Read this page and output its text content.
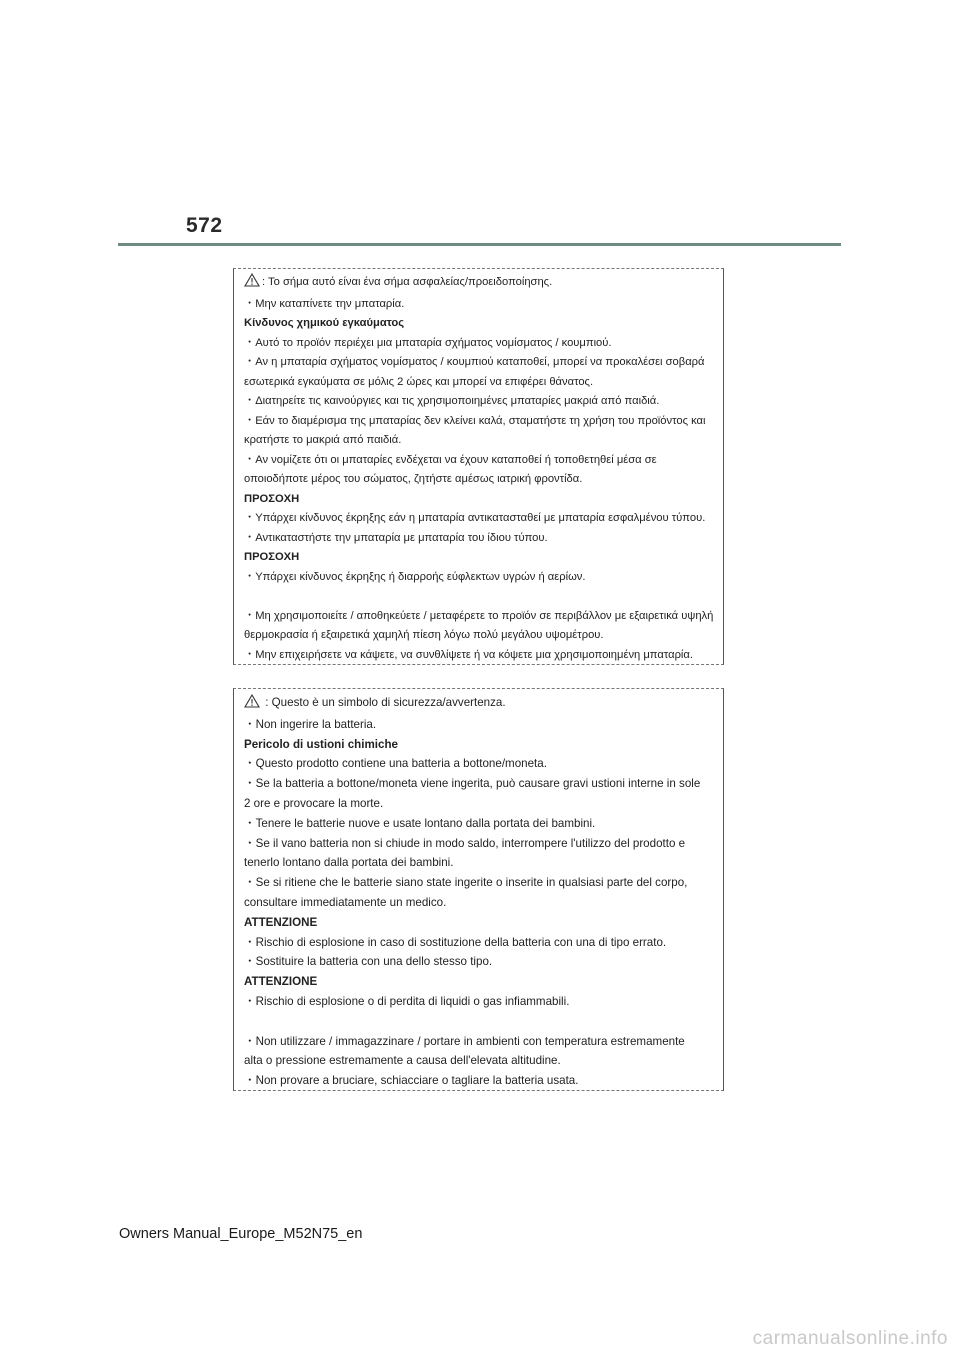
572
: Το σήμα αυτό είναι ένα σήμα ασφαλείας/προειδοποίησης.
・Μην καταπίνετε την μπαταρία.
Κίνδυνος χημικού εγκαύματος
・Αυτό το προϊόν περιέχει μια μπαταρία σχήματος νομίσματος / κουμπιού.
・Αν η μπαταρία σχήματος νομίσματος / κουμπιού καταποθεί, μπορεί να προκαλέσει σοβαρά
εσωτερικά εγκαύματα σε μόλις 2 ώρες και μπορεί να επιφέρει θάνατος.
・Διατηρείτε τις καινούργιες και τις χρησιμοποιημένες μπαταρίες μακριά από παιδιά.
・Εάν το διαμέρισμα της μπαταρίας δεν κλείνει καλά, σταματήστε τη χρήση του προϊόντος και
κρατήστε το μακριά από παιδιά.
・Αν νομίζετε ότι οι μπαταρίες ενδέχεται να έχουν καταποθεί ή τοποθετηθεί μέσα σε
οποιοδήποτε μέρος του σώματος, ζητήστε αμέσως ιατρική φροντίδα.
ΠΡΟΣΟΧΗ
・Υπάρχει κίνδυνος έκρηξης εάν η μπαταρία αντικατασταθεί με μπαταρία εσφαλμένου τύπου.
・Αντικαταστήστε την μπαταρία με μπαταρία του ίδιου τύπου.
ΠΡΟΣΟΧΗ
・Υπάρχει κίνδυνος έκρηξης ή διαρροής εύφλεκτων υγρών ή αερίων.
・Μη χρησιμοποιείτε / αποθηκεύετε / μεταφέρετε το προϊόν σε περιβάλλον με εξαιρετικά υψηλή
θερμοκρασία ή εξαιρετικά χαμηλή πίεση λόγω πολύ μεγάλου υψομέτρου.
・Μην επιχειρήσετε να κάψετε, να συνθλίψετε ή να κόψετε μια χρησιμοποιημένη μπαταρία.
: Questo è un simbolo di sicurezza/avvertenza.
・Non ingerire la batteria.
Pericolo di ustioni chimiche
・Questo prodotto contiene una batteria a bottone/moneta.
・Se la batteria a bottone/moneta viene ingerita, può causare gravi ustioni interne in sole
2 ore e provocare la morte.
・Tenere le batterie nuove e usate lontano dalla portata dei bambini.
・Se il vano batteria non si chiude in modo saldo, interrompere l'utilizzo del prodotto e
tenerlo lontano dalla portata dei bambini.
・Se si ritiene che le batterie siano state ingerite o inserite in qualsiasi parte del corpo,
consultare immediatamente un medico.
ATTENZIONE
・Rischio di esplosione in caso di sostituzione della batteria con una di tipo errato.
・Sostituire la batteria con una dello stesso tipo.
ATTENZIONE
・Rischio di esplosione o di perdita di liquidi o gas infiammabili.
・Non utilizzare / immagazzinare / portare in ambienti con temperatura estremamente
alta o pressione estremamente a causa dell'elevata altitudine.
・Non provare a bruciare, schiacciare o tagliare la batteria usata.
Owners Manual_Europe_M52N75_en
carmanualsonline.info
